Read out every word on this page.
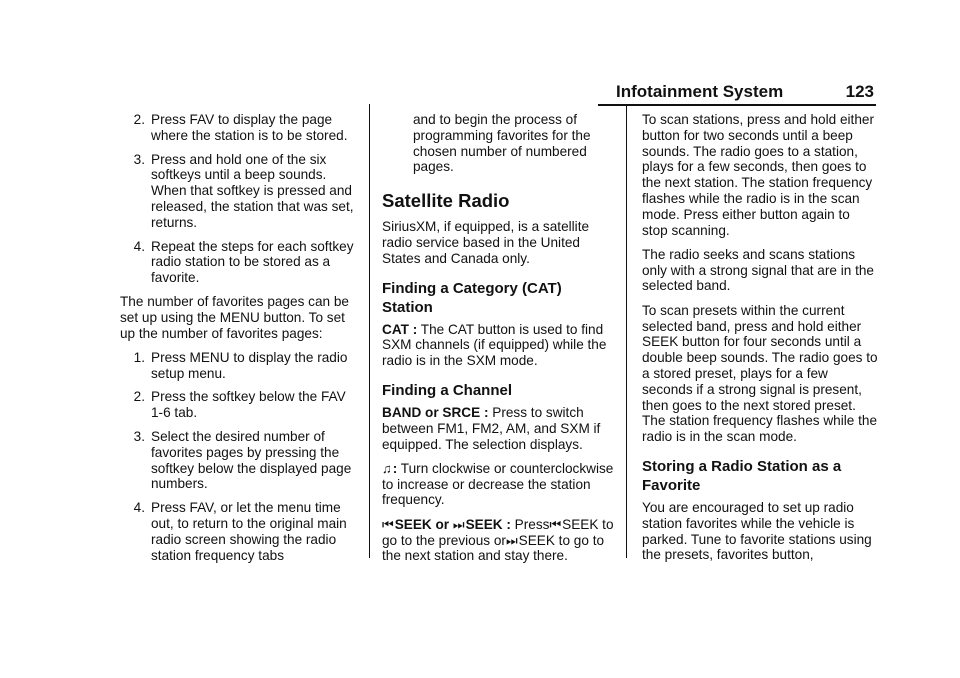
Infotainment System	123
2. Press FAV to display the page where the station is to be stored.
3. Press and hold one of the six softkeys until a beep sounds. When that softkey is pressed and released, the station that was set, returns.
4. Repeat the steps for each softkey radio station to be stored as a favorite.

The number of favorites pages can be set up using the MENU button. To set up the number of favorites pages:

1. Press MENU to display the radio setup menu.
2. Press the softkey below the FAV 1-6 tab.
3. Select the desired number of favorites pages by pressing the softkey below the displayed page numbers.
4. Press FAV, or let the menu time out, to return to the original main radio screen showing the radio station frequency tabs

and to begin the process of programming favorites for the chosen number of numbered pages.

Satellite Radio

SiriusXM, if equipped, is a satellite radio service based in the United States and Canada only.

Finding a Category (CAT) Station

CAT : The CAT button is used to find SXM channels (if equipped) while the radio is in the SXM mode.

Finding a Channel

BAND or SRCE : Press to switch between FM1, FM2, AM, and SXM if equipped. The selection displays.

♫: Turn clockwise or counterclockwise to increase or decrease the station frequency.

⏮SEEK or ⏭SEEK : Press⏮SEEK to go to the previous or⏭SEEK to go to the next station and stay there.

To scan stations, press and hold either button for two seconds until a beep sounds. The radio goes to a station, plays for a few seconds, then goes to the next station. The station frequency flashes while the radio is in the scan mode. Press either button again to stop scanning.

The radio seeks and scans stations only with a strong signal that are in the selected band.

To scan presets within the current selected band, press and hold either SEEK button for four seconds until a double beep sounds. The radio goes to a stored preset, plays for a few seconds if a strong signal is present, then goes to the next stored preset. The station frequency flashes while the radio is in the scan mode.

Storing a Radio Station as a Favorite

You are encouraged to set up radio station favorites while the vehicle is parked. Tune to favorite stations using the presets, favorites button,
